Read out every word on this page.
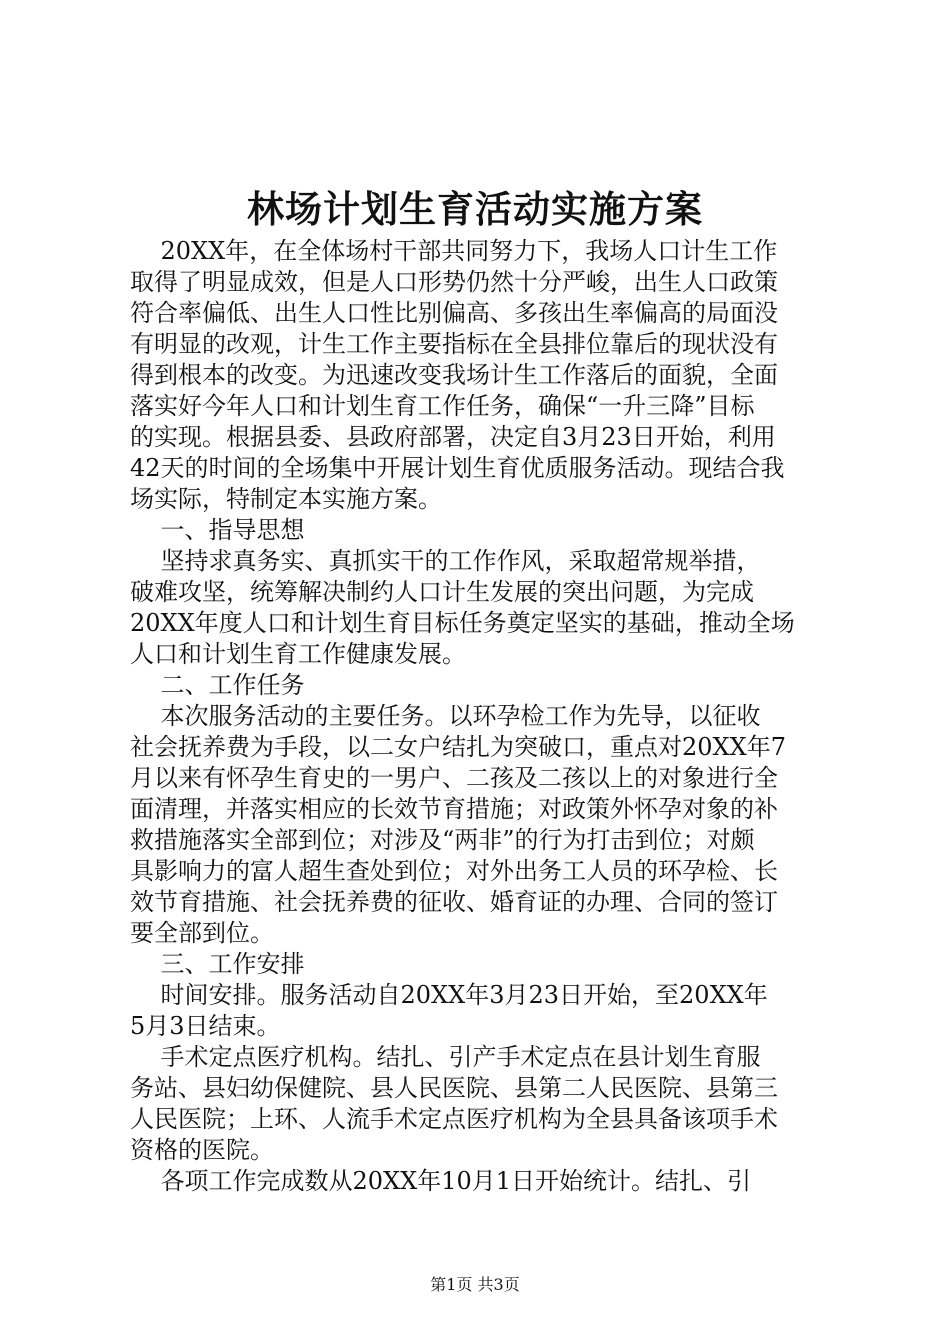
林场计划生育活动实施方案
20XX年，在全体场村干部共同努力下，我场人口计生工作
取得了明显成效，但是人口形势仍然十分严峻，出生人口政策
符合率偏低、出生人口性比别偏高、多孩出生率偏高的局面没
有明显的改观，计生工作主要指标在全县排位靠后的现状没有
得到根本的改变。为迅速改变我场计生工作落后的面貌，全面
落实好今年人口和计划生育工作任务，确保“一升三降”目标
的实现。根据县委、县政府部署，决定自3月23日开始，利用
42天的时间的全场集中开展计划生育优质服务活动。现结合我
场实际，特制定本实施方案。
一、指导思想
坚持求真务实、真抓实干的工作作风，采取超常规举措，
破难攻坚，统筹解决制约人口计生发展的突出问题，为完成
20XX年度人口和计划生育目标任务奠定坚实的基础，推动全场
人口和计划生育工作健康发展。
二、工作任务
本次服务活动的主要任务。以环孕检工作为先导，以征收
社会抚养费为手段，以二女户结扎为突破口，重点对20XX年7
月以来有怀孕生育史的一男户、二孩及二孩以上的对象进行全
面清理，并落实相应的长效节育措施；对政策外怀孕对象的补
救措施落实全部到位；对涉及“两非”的行为打击到位；对颇
具影响力的富人超生查处到位；对外出务工人员的环孕检、长
效节育措施、社会抚养费的征收、婚育证的办理、合同的签订
要全部到位。
三、工作安排
时间安排。服务活动自20XX年3月23日开始，至20XX年
5月3日结束。
手术定点医疗机构。结扎、引产手术定点在县计划生育服
务站、县妇幼保健院、县人民医院、县第二人民医院、县第三
人民医院；上环、人流手术定点医疗机构为全县具备该项手术
资格的医院。
各项工作完成数从20XX年10月1日开始统计。结扎、引
第1页 共3页
